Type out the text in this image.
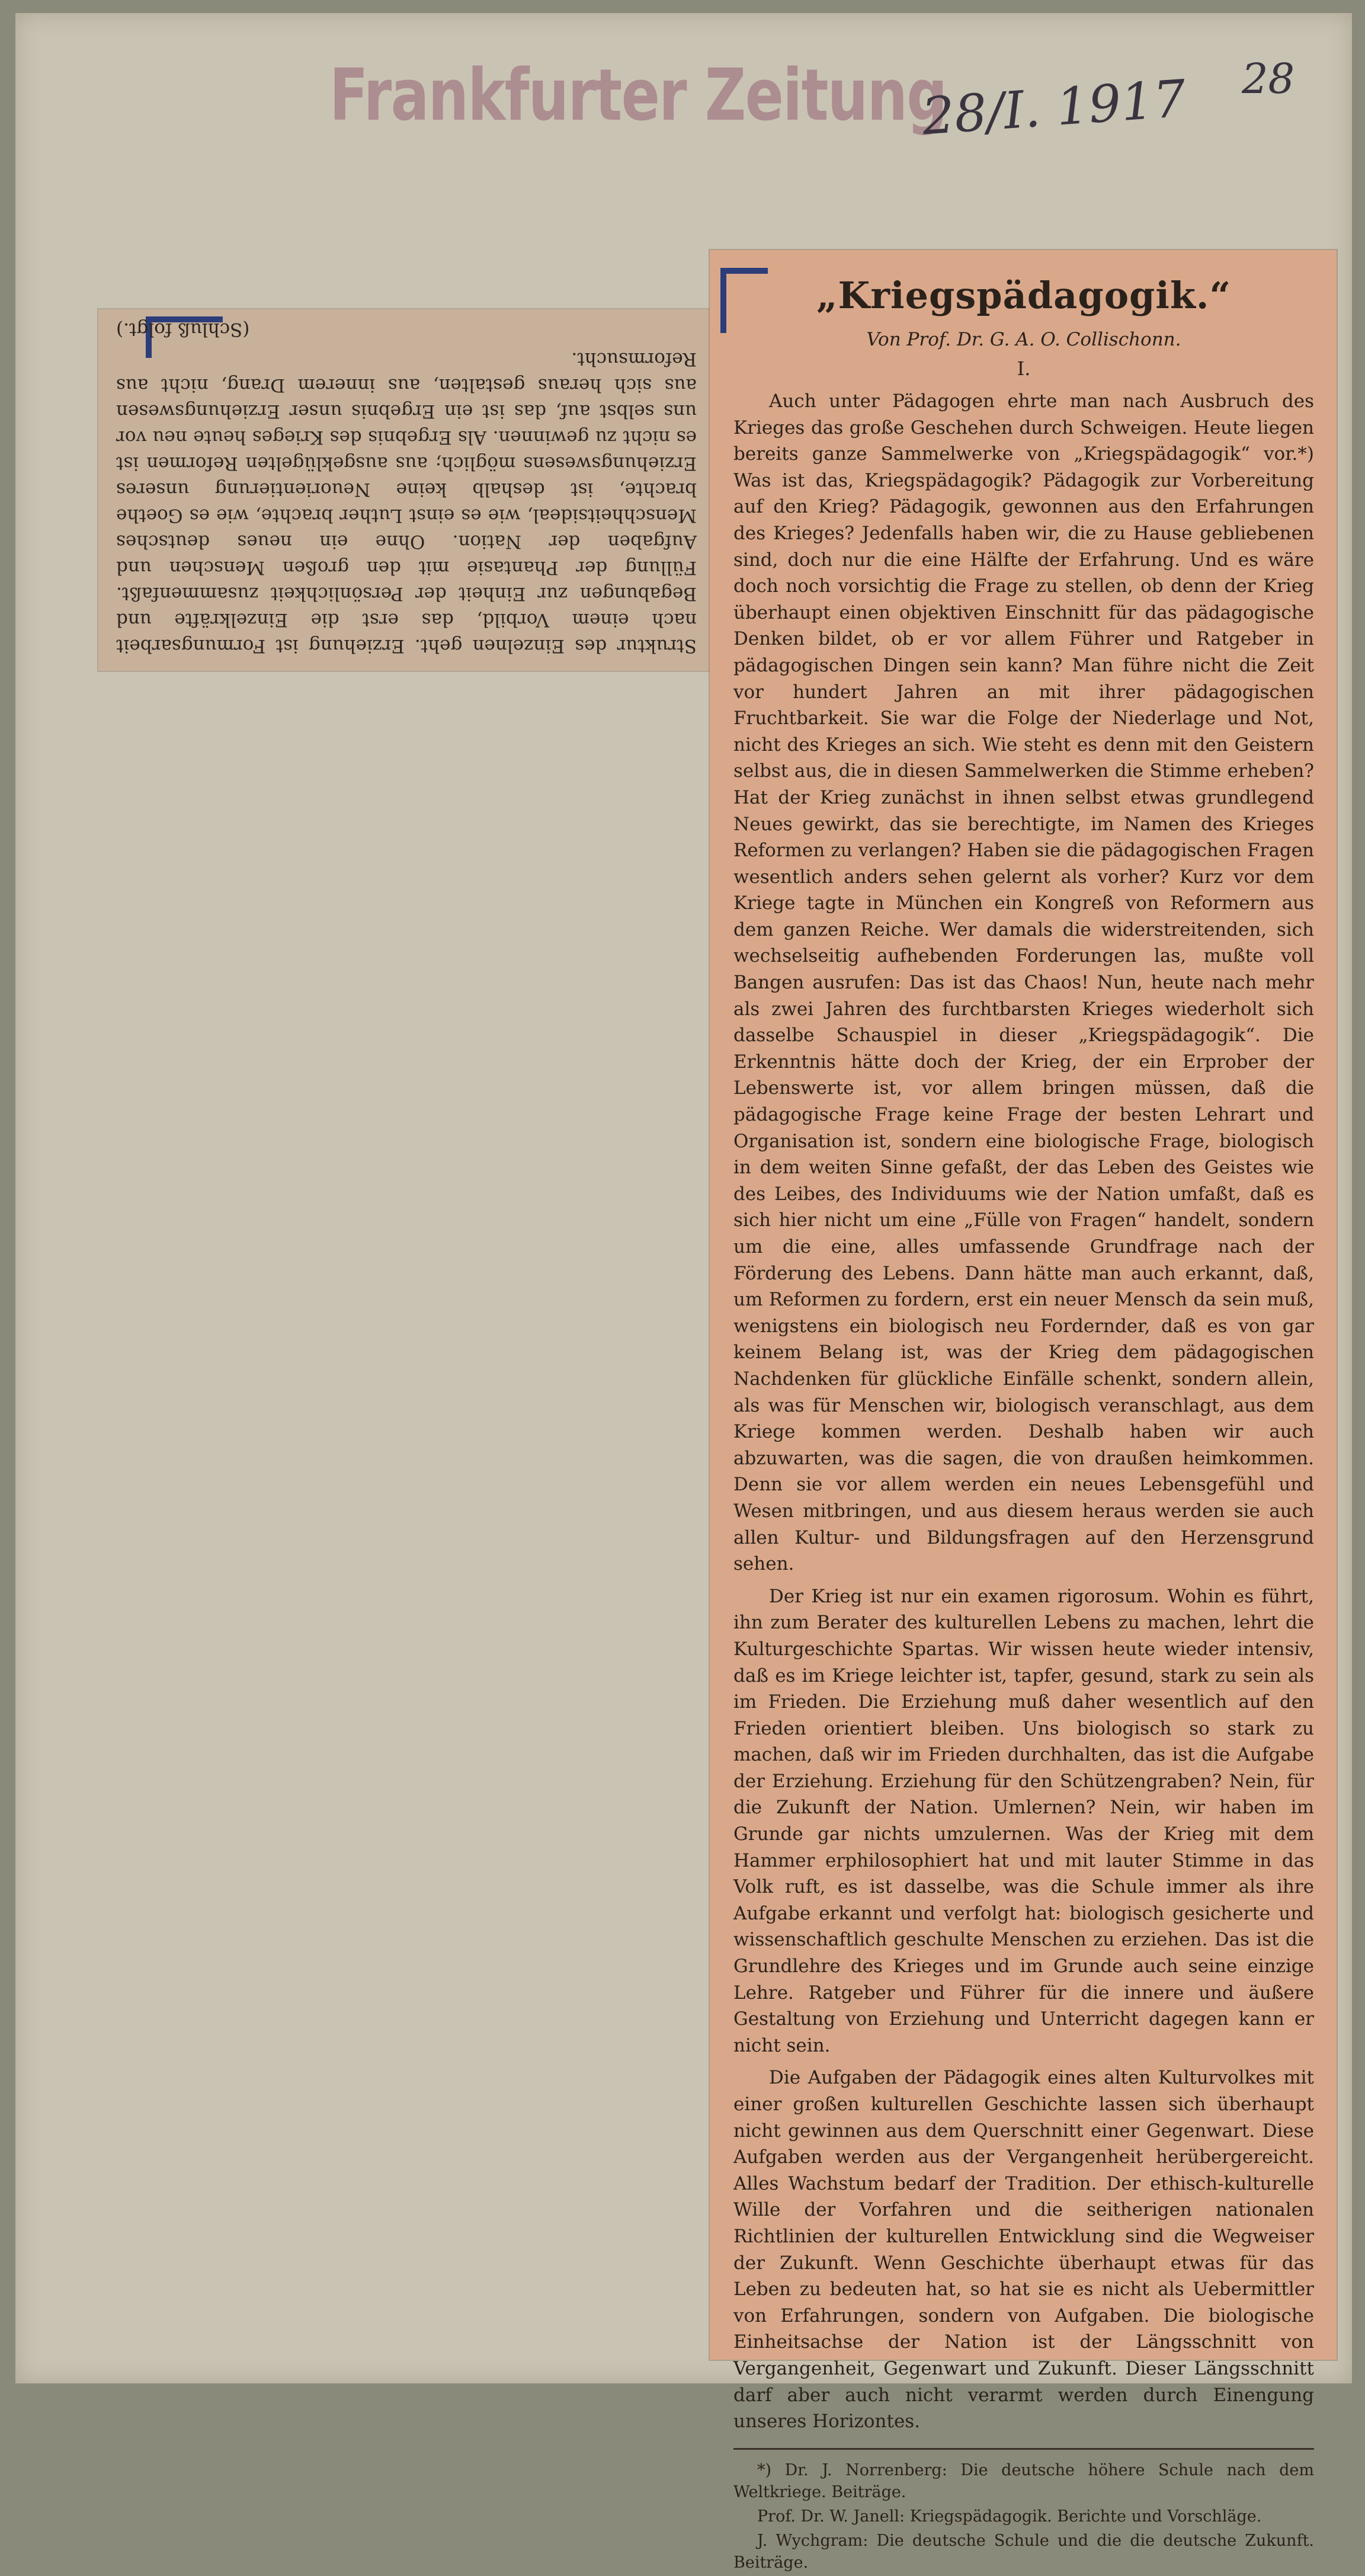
Frankfurter Zeitung
28/I. 1917 28

Struktur des Einzelnen geht. Erziehung ist Formungsarbeit nach einem Vorbild, das erst die Einzelkräfte und Begabungen zur Einheit der Persönlichkeit zusammenfaßt. Füllung der Phantasie mit den großen Menschen und Aufgaben der Nation. Ohne ein neues deutsches Menschheitsideal, wie es einst Luther brachte, wie es Goethe brachte, ist deshalb keine Neuorientierung unseres Erziehungswesens möglich; aus ausgeklügelten Reformen ist es nicht zu gewinnen. Als Ergebnis des Krieges heute neu vor uns selbst auf, das ist ein Ergebnis unser Erziehungswesen aus sich heraus gestalten, aus innerem Drang, nicht aus Reformsucht.

(Schluß folgt.)

„Kriegspädagogik.“
Von Prof. Dr. G. A. O. Collischonn.
I.

Auch unter Pädagogen ehrte man nach Ausbruch des Krieges das große Geschehen durch Schweigen. Heute liegen bereits ganze Sammelwerke von „Kriegspädagogik“ vor.*) Was ist das, Kriegspädagogik? Pädagogik zur Vorbereitung auf den Krieg? Pädagogik, gewonnen aus den Erfahrungen des Krieges? Jedenfalls haben wir, die zu Hause gebliebenen sind, doch nur die eine Hälfte der Erfahrung. Und es wäre doch noch vorsichtig die Frage zu stellen, ob denn der Krieg überhaupt einen objektiven Einschnitt für das pädagogische Denken bildet, ob er vor allem Führer und Ratgeber in pädagogischen Dingen sein kann? Man führe nicht die Zeit vor hundert Jahren an mit ihrer pädagogischen Fruchtbarkeit. Sie war die Folge der Niederlage und Not, nicht des Krieges an sich. Wie steht es denn mit den Geistern selbst aus, die in diesen Sammelwerken die Stimme erheben? Hat der Krieg zunächst in ihnen selbst etwas grundlegend Neues gewirkt, das sie berechtigte, im Namen des Krieges Reformen zu verlangen? Haben sie die pädagogischen Fragen wesentlich anders sehen gelernt als vorher? Kurz vor dem Kriege tagte in München ein Kongreß von Reformern aus dem ganzen Reiche. Wer damals die widerstreitenden, sich wechselseitig aufhebenden Forderungen las, mußte voll Bangen ausrufen: Das ist das Chaos! Nun, heute nach mehr als zwei Jahren des furchtbarsten Krieges wiederholt sich dasselbe Schauspiel in dieser „Kriegspädagogik“. Die Erkenntnis hätte doch der Krieg, der ein Erprober der Lebenswerte ist, vor allem bringen müssen, daß die pädagogische Frage keine Frage der besten Lehrart und Organisation ist, sondern eine biologische Frage, biologisch in dem weiten Sinne gefaßt, der das Leben des Geistes wie des Leibes, des Individuums wie der Nation umfaßt, daß es sich hier nicht um eine „Fülle von Fragen“ handelt, sondern um die eine, alles umfassende Grundfrage nach der Förderung des Lebens. Dann hätte man auch erkannt, daß, um Reformen zu fordern, erst ein neuer Mensch da sein muß, wenigstens ein biologisch neu Fordernder, daß es von gar keinem Belang ist, was der Krieg dem pädagogischen Nachdenken für glückliche Einfälle schenkt, sondern allein, als was für Menschen wir, biologisch veranschlagt, aus dem Kriege kommen werden. Deshalb haben wir auch abzuwarten, was die sagen, die von draußen heimkommen. Denn sie vor allem werden ein neues Lebensgefühl und Wesen mitbringen, und aus diesem heraus werden sie auch allen Kultur- und Bildungsfragen auf den Herzensgrund sehen.

Der Krieg ist nur ein examen rigorosum. Wohin es führt, ihn zum Berater des kulturellen Lebens zu machen, lehrt die Kulturgeschichte Spartas. Wir wissen heute wieder intensiv, daß es im Kriege leichter ist, tapfer, gesund, stark zu sein als im Frieden. Die Erziehung muß daher wesentlich auf den Frieden orientiert bleiben. Uns biologisch so stark zu machen, daß wir im Frieden durchhalten, das ist die Aufgabe der Erziehung. Erziehung für den Schützengraben? Nein, für die Zukunft der Nation. Umlernen? Nein, wir haben im Grunde gar nichts umzulernen. Was der Krieg mit dem Hammer erphilosophiert hat und mit lauter Stimme in das Volk ruft, es ist dasselbe, was die Schule immer als ihre Aufgabe erkannt und verfolgt hat: biologisch gesicherte und wissenschaftlich geschulte Menschen zu erziehen. Das ist die Grundlehre des Krieges und im Grunde auch seine einzige Lehre. Ratgeber und Führer für die innere und äußere Gestaltung von Erziehung und Unterricht dagegen kann er nicht sein.

Die Aufgaben der Pädagogik eines alten Kulturvolkes mit einer großen kulturellen Geschichte lassen sich überhaupt nicht gewinnen aus dem Querschnitt einer Gegenwart. Diese Aufgaben werden aus der Vergangenheit herübergereicht. Alles Wachstum bedarf der Tradition. Der ethisch-kulturelle Wille der Vorfahren und die seitherigen nationalen Richtlinien der kulturellen Entwicklung sind die Wegweiser der Zukunft. Wenn Geschichte überhaupt etwas für das Leben zu bedeuten hat, so hat sie es nicht als Uebermittler von Erfahrungen, sondern von Aufgaben. Die biologische Einheitsachse der Nation ist der Längsschnitt von Vergangenheit, Gegenwart und Zukunft. Dieser Längsschnitt darf aber auch nicht verarmt werden durch Einengung unseres Horizontes.

*) Dr. J. Norrenberg: Die deutsche höhere Schule nach dem Weltkriege. Beiträge.

Prof. Dr. W. Janell: Kriegspädagogik. Berichte und Vorschläge.

J. Wychgram: Die deutsche Schule und die die deutsche Zukunft. Beiträge.
